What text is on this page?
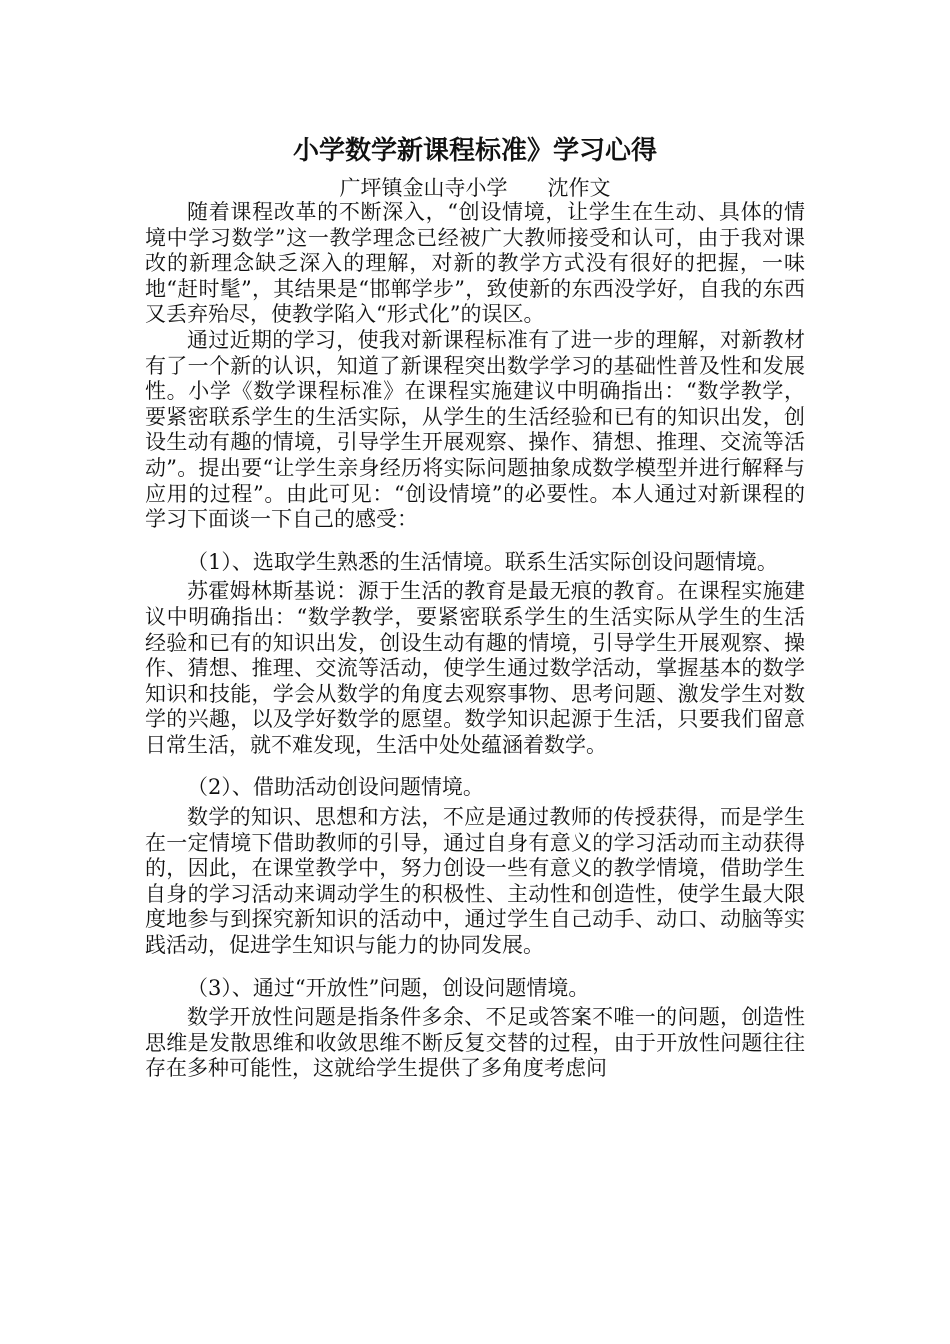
小学数学新课程标准》学习心得
广坪镇金山寺小学      沈作文

随着课程改革的不断深入，“创设情境，让学生在生动、具体的情境中学习数学”这一教学理念已经被广大教师接受和认可，由于我对课改的新理念缺乏深入的理解，对新的教学方式没有很好的把握，一味地“赶时髦”，其结果是“邯郸学步”，致使新的东西没学好，自我的东西又丢弃殆尽，使教学陷入“形式化”的误区。

通过近期的学习，使我对新课程标准有了进一步的理解，对新教材有了一个新的认识，知道了新课程突出数学学习的基础性普及性和发展性。小学《数学课程标准》在课程实施建议中明确指出：“数学教学，要紧密联系学生的生活实际，从学生的生活经验和已有的知识出发，创设生动有趣的情境，引导学生开展观察、操作、猜想、推理、交流等活动”。提出要“让学生亲身经历将实际问题抽象成数学模型并进行解释与应用的过程”。由此可见：“创设情境”的必要性。本人通过对新课程的学习下面谈一下自己的感受：

（1）、选取学生熟悉的生活情境。联系生活实际创设问题情境。

苏霍姆林斯基说：源于生活的教育是最无痕的教育。在课程实施建议中明确指出：“数学教学，要紧密联系学生的生活实际从学生的生活经验和已有的知识出发，创设生动有趣的情境，引导学生开展观察、操作、猜想、推理、交流等活动，使学生通过数学活动，掌握基本的数学知识和技能，学会从数学的角度去观察事物、思考问题、激发学生对数学的兴趣，以及学好数学的愿望。数学知识起源于生活，只要我们留意日常生活，就不难发现，生活中处处蕴涵着数学。

（2）、借助活动创设问题情境。

数学的知识、思想和方法，不应是通过教师的传授获得，而是学生在一定情境下借助教师的引导，通过自身有意义的学习活动而主动获得的，因此，在课堂教学中，努力创设一些有意义的教学情境，借助学生自身的学习活动来调动学生的积极性、主动性和创造性，使学生最大限度地参与到探究新知识的活动中，通过学生自己动手、动口、动脑等实践活动，促进学生知识与能力的协同发展。

（3）、通过“开放性”问题，创设问题情境。

数学开放性问题是指条件多余、不足或答案不唯一的问题，创造性思维是发散思维和收敛思维不断反复交替的过程，由于开放性问题往往存在多种可能性，这就给学生提供了多角度考虑问
